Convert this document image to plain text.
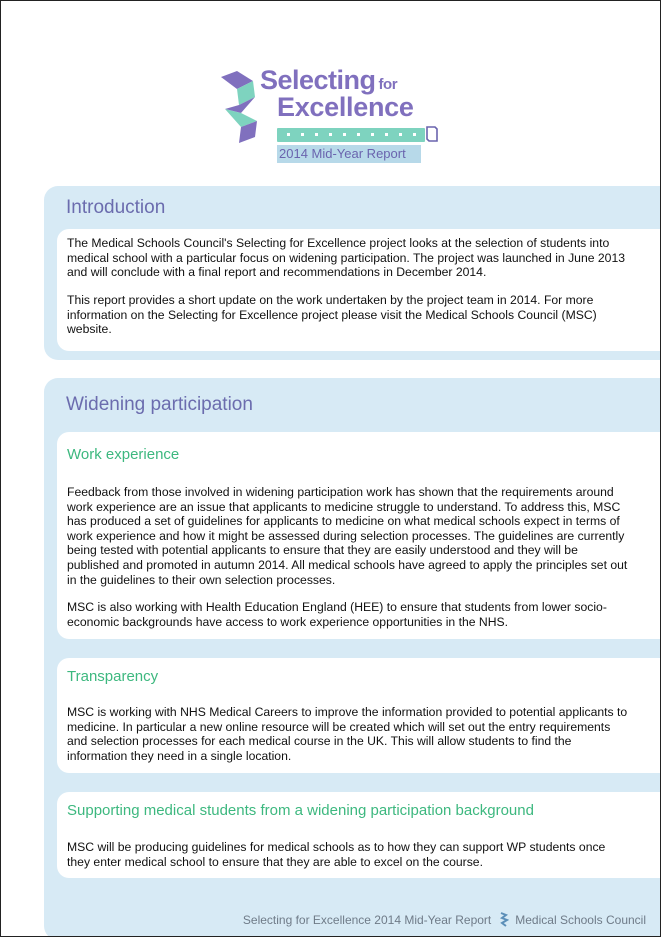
Selecting for
Excellence
2014 Mid-Year Report
Introduction

The Medical Schools Council's Selecting for Excellence project looks at the selection of students into medical school with a particular focus on widening participation. The project was launched in June 2013 and will conclude with a final report and recommendations in December 2014.

This report provides a short update on the work undertaken by the project team in 2014. For more information on the Selecting for Excellence project please visit the Medical Schools Council (MSC) website.

Widening participation
Work experience

Feedback from those involved in widening participation work has shown that the requirements around work experience are an issue that applicants to medicine struggle to understand. To address this, MSC has produced a set of guidelines for applicants to medicine on what medical schools expect in terms of work experience and how it might be assessed during selection processes. The guidelines are currently being tested with potential applicants to ensure that they are easily understood and they will be published and promoted in autumn 2014. All medical schools have agreed to apply the principles set out in the guidelines to their own selection processes.

MSC is also working with Health Education England (HEE) to ensure that students from lower socio-economic backgrounds have access to work experience opportunities in the NHS.

Transparency

MSC is working with NHS Medical Careers to improve the information provided to potential applicants to medicine. In particular a new online resource will be created which will set out the entry requirements and selection processes for each medical course in the UK. This will allow students to find the information they need in a single location.

Supporting medical students from a widening participation background

MSC will be producing guidelines for medical schools as to how they can support WP students once they enter medical school to ensure that they are able to excel on the course.

Selecting for Excellence 2014 Mid-Year Report Medical Schools Council
